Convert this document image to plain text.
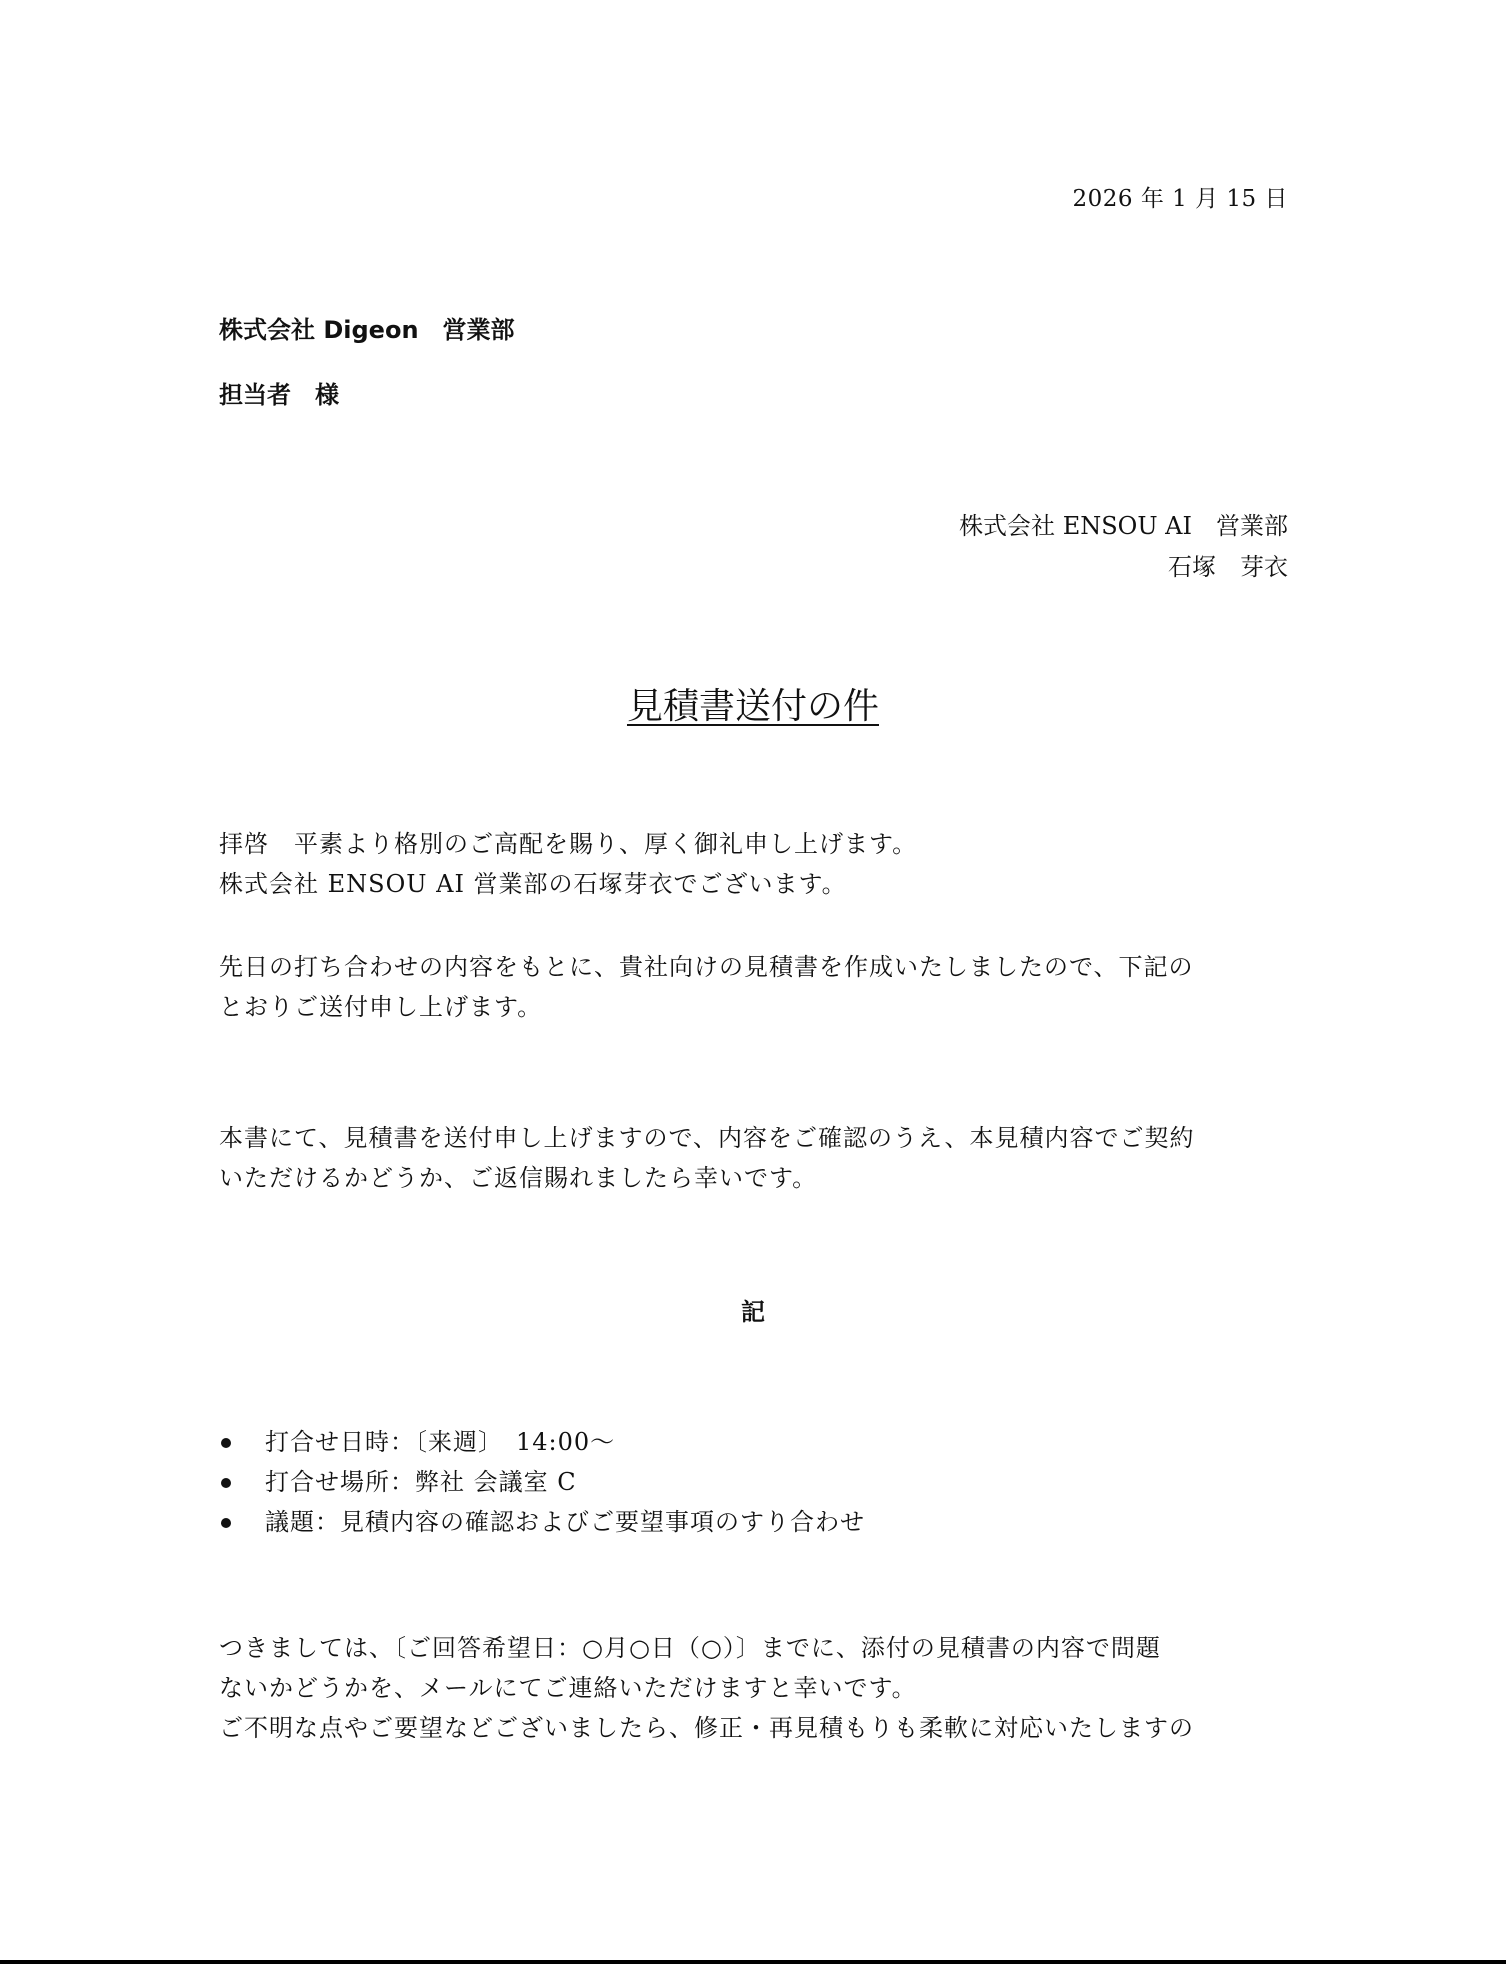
2026 年 1 月 15 日
株式会社 Digeon　営業部
担当者　様
株式会社 ENSOU AI　営業部
石塚　芽衣
見積書送付の件
拝啓　平素より格別のご高配を賜り、厚く御礼申し上げます。
株式会社 ENSOU AI 営業部の石塚芽衣でございます。
先日の打ち合わせの内容をもとに、貴社向けの見積書を作成いたしましたので、下記の
とおりご送付申し上げます。
本書にて、見積書を送付申し上げますので、内容をご確認のうえ、本見積内容でご契約
いただけるかどうか、ご返信賜れましたら幸いです。
記
打合せ日時：〔来週〕　14:00〜
打合せ場所：弊社 会議室 C
議題：見積内容の確認およびご要望事項のすり合わせ
つきましては、〔ご回答希望日：○月○日（○）〕までに、添付の見積書の内容で問題
ないかどうかを、メールにてご連絡いただけますと幸いです。
ご不明な点やご要望などございましたら、修正・再見積もりも柔軟に対応いたしますの
